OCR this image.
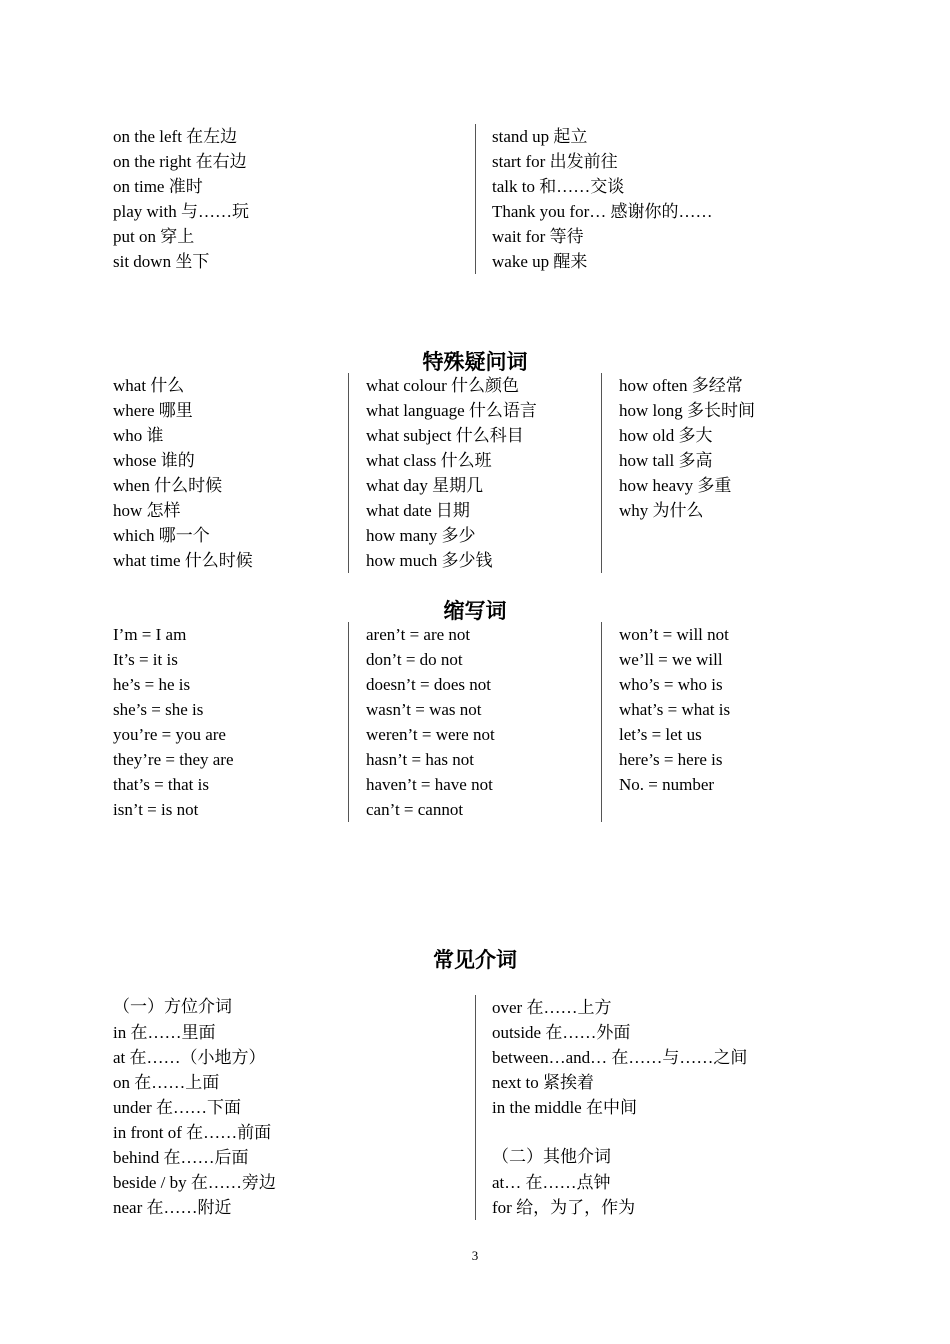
on the left 在左边
on the right 在右边
on time 准时
play with 与……玩
put on 穿上
sit down 坐下
stand up 起立
start for 出发前往
talk to 和……交谈
Thank you for… 感谢你的……
wait for 等待
wake up 醒来
特殊疑问词
what 什么
where 哪里
who 谁
whose 谁的
when 什么时候
how 怎样
which 哪一个
what time 什么时候
what colour 什么颜色
what language 什么语言
what subject 什么科目
what class 什么班
what day 星期几
what date 日期
how many 多少
how much 多少钱
how often 多经常
how long 多长时间
how old 多大
how tall 多高
how heavy 多重
why 为什么
缩写词
I’m = I am
It’s = it is
he’s = he is
she’s = she is
you’re = you are
they’re = they are
that’s = that is
isn’t = is not
aren’t = are not
don’t = do not
doesn’t = does not
wasn’t = was not
weren’t = were not
hasn’t = has not
haven’t = have not
can’t = cannot
won’t = will not
we’ll = we will
who’s = who is
what’s = what is
let’s = let us
here’s = here is
No. = number
常见介词
（一）方位介词
in 在……里面
at 在……（小地方）
on 在……上面
under 在……下面
in front of 在……前面
behind 在……后面
beside / by 在……旁边
near 在……附近
over 在……上方
outside 在……外面
between…and… 在……与……之间
next to 紧挨着
in the middle 在中间
（二）其他介词
at… 在……点钟
for 给，为了，作为
3
